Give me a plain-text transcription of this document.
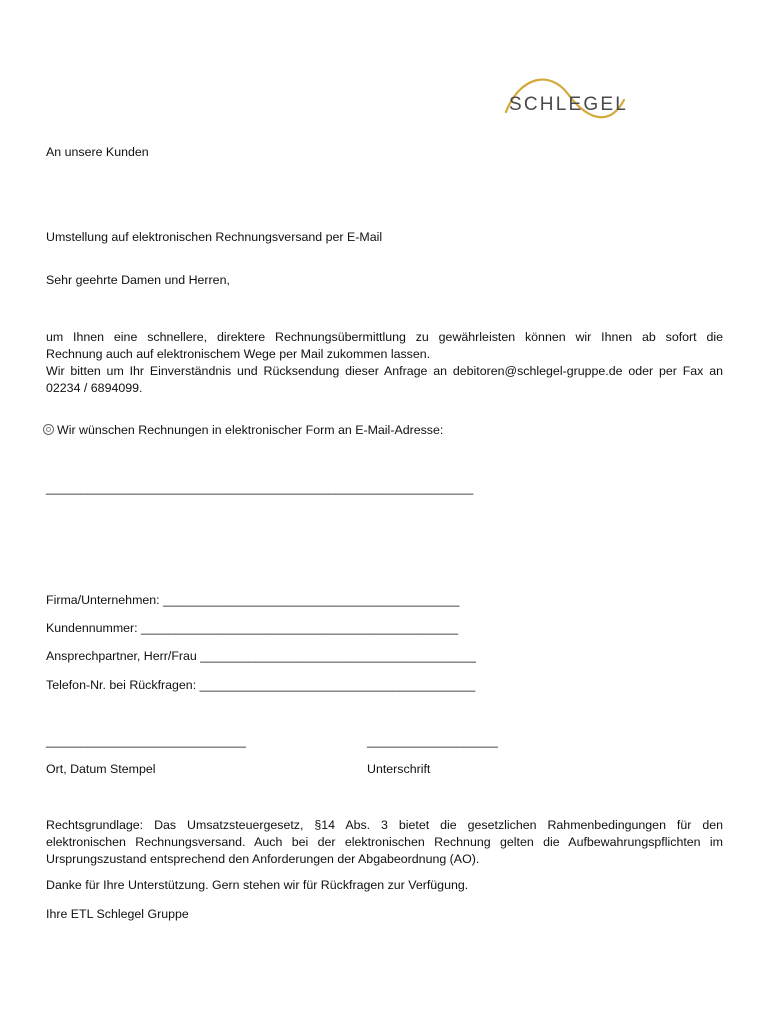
SCHLEGEL
An unsere Kunden
Umstellung auf elektronischen Rechnungsversand per E-Mail
Sehr geehrte Damen und Herren,
um Ihnen eine schnellere, direktere Rechnungsübermittlung zu gewährleisten können wir Ihnen ab sofort die
Rechnung auch auf elektronischem Wege per Mail zukommen lassen.
Wir bitten um Ihr Einverständnis und Rücksendung dieser Anfrage an debitoren@schlegel-gruppe.de oder per Fax an
02234 / 6894099.
Wir wünschen Rechnungen in elektronischer Form an E-Mail-Adresse:
______________________________________________________________
Firma/Unternehmen: ___________________________________________
Kundennummer: ______________________________________________
Ansprechpartner, Herr/Frau ________________________________________
Telefon-Nr. bei Rückfragen: ________________________________________
_____________________________	___________________
Ort, Datum Stempel	Unterschrift
Rechtsgrundlage: Das Umsatzsteuergesetz, §14 Abs. 3 bietet die gesetzlichen Rahmenbedingungen für den
elektronischen Rechnungsversand. Auch bei der elektronischen Rechnung gelten die Aufbewahrungspflichten im
Ursprungszustand entsprechend den Anforderungen der Abgabeordnung (AO).
Danke für Ihre Unterstützung. Gern stehen wir für Rückfragen zur Verfügung.
Ihre ETL Schlegel Gruppe
